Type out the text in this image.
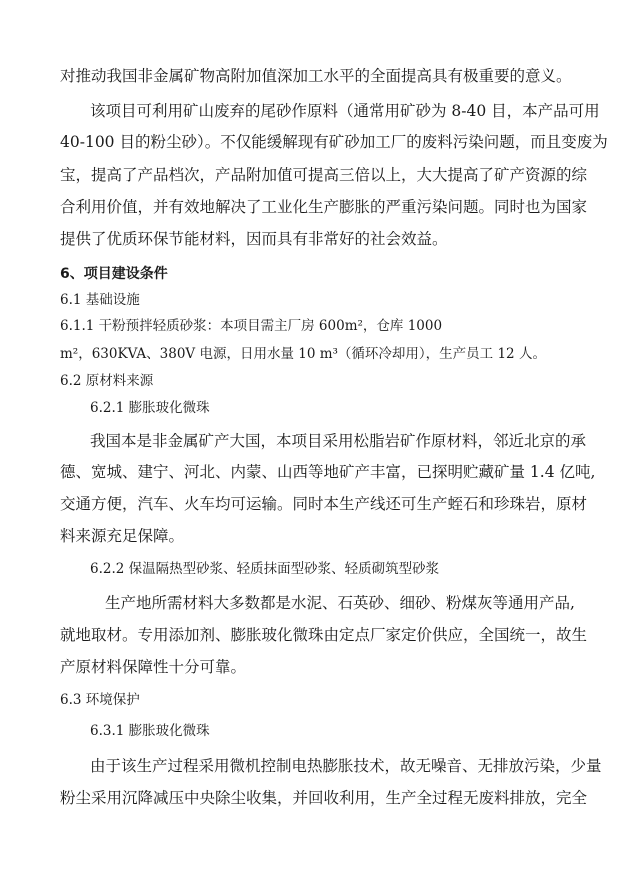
对推动我国非金属矿物高附加值深加工水平的全面提高具有极重要的意义。
该项目可利用矿山废弃的尾砂作原料（通常用矿砂为 8-40 目，本产品可用
40-100 目的粉尘砂）。不仅能缓解现有矿砂加工厂的废料污染问题，而且变废为
宝，提高了产品档次，产品附加值可提高三倍以上，大大提高了矿产资源的综
合利用价值，并有效地解决了工业化生产膨胀的严重污染问题。同时也为国家
提供了优质环保节能材料，因而具有非常好的社会效益。
6、项目建设条件
6.1 基础设施
6.1.1 干粉预拌轻质砂浆：本项目需主厂房 600m²，仓库 1000
m²，630KVA、380V 电源，日用水量 10 m³（循环冷却用），生产员工 12 人。
6.2 原材料来源
6.2.1 膨胀玻化微珠
我国本是非金属矿产大国，本项目采用松脂岩矿作原材料，邻近北京的承
德、宽城、建宁、河北、内蒙、山西等地矿产丰富，已探明贮藏矿量 1.4 亿吨,
交通方便，汽车、火车均可运输。同时本生产线还可生产蛭石和珍珠岩，原材
料来源充足保障。
6.2.2 保温隔热型砂浆、轻质抹面型砂浆、轻质砌筑型砂浆
生产地所需材料大多数都是水泥、石英砂、细砂、粉煤灰等通用产品,
就地取材。专用添加剂、膨胀玻化微珠由定点厂家定价供应，全国统一，故生
产原材料保障性十分可靠。
6.3 环境保护
6.3.1 膨胀玻化微珠
由于该生产过程采用微机控制电热膨胀技术，故无噪音、无排放污染，少量
粉尘采用沉降减压中央除尘收集，并回收利用，生产全过程无废料排放，完全
